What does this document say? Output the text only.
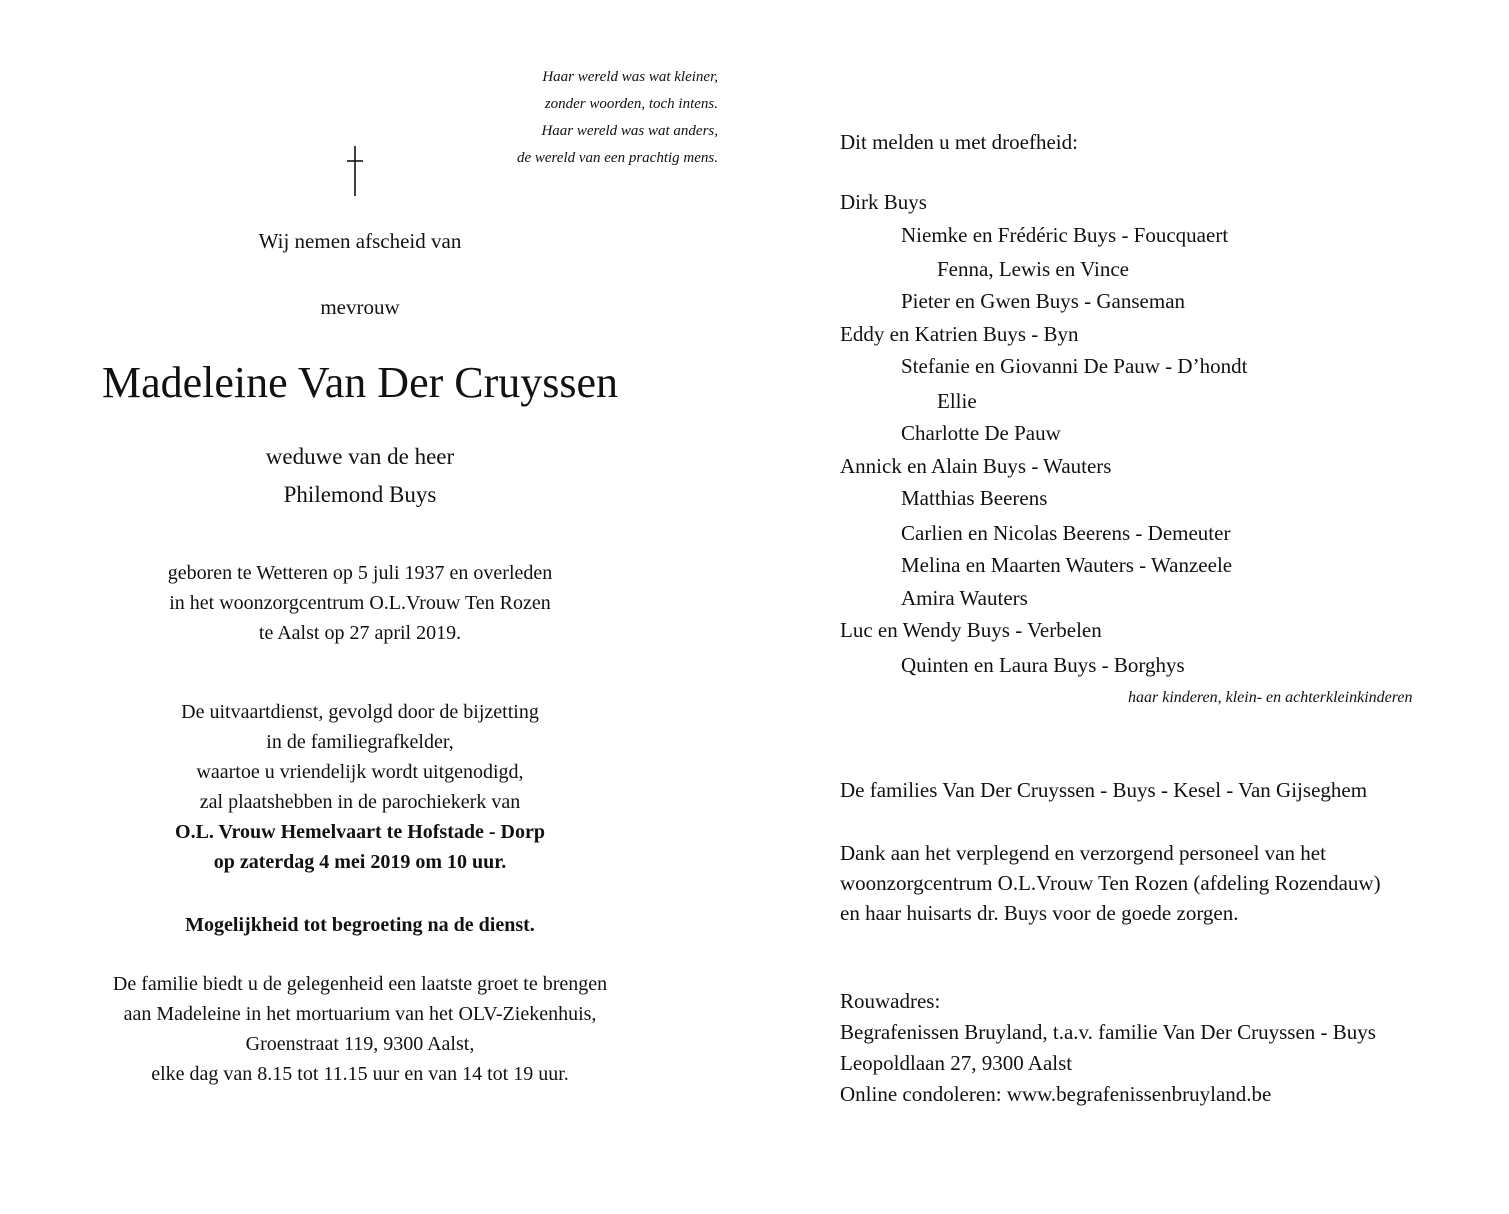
Haar wereld was wat kleiner,
zonder woorden, toch intens.
Haar wereld was wat anders,
de wereld van een prachtig mens.
Wij nemen afscheid van
mevrouw
Madeleine Van Der Cruyssen
weduwe van de heer
Philemond Buys
geboren te Wetteren op 5 juli 1937 en overleden
in het woonzorgcentrum O.L.Vrouw Ten Rozen
te Aalst op 27 april 2019.
De uitvaartdienst, gevolgd door de bijzetting
in de familiegrafkelder,
waartoe u vriendelijk wordt uitgenodigd,
zal plaatshebben in de parochiekerk van
O.L. Vrouw Hemelvaart te Hofstade - Dorp
op zaterdag 4 mei 2019 om 10 uur.
Mogelijkheid tot begroeting na de dienst.
De familie biedt u de gelegenheid een laatste groet te brengen
aan Madeleine in het mortuarium van het OLV-Ziekenhuis,
Groenstraat 119, 9300 Aalst,
elke dag van 8.15 tot 11.15 uur en van 14 tot 19 uur.
Dit melden u met droefheid:
Dirk Buys
Niemke en Frédéric Buys - Foucquaert
Fenna, Lewis en Vince
Pieter en Gwen Buys - Ganseman
Eddy en Katrien Buys - Byn
Stefanie en Giovanni De Pauw - D’hondt
Ellie
Charlotte De Pauw
Annick en Alain Buys - Wauters
Matthias Beerens
Carlien en Nicolas Beerens - Demeuter
Melina en Maarten Wauters - Wanzeele
Amira Wauters
Luc en Wendy Buys - Verbelen
Quinten en Laura Buys - Borghys
haar kinderen, klein- en achterkleinkinderen
De families Van Der Cruyssen - Buys - Kesel - Van Gijseghem
Dank aan het verplegend en verzorgend personeel van het
woonzorgcentrum O.L.Vrouw Ten Rozen (afdeling Rozendauw)
en haar huisarts dr. Buys voor de goede zorgen.
Rouwadres:
Begrafenissen Bruyland, t.a.v. familie Van Der Cruyssen - Buys
Leopoldlaan 27, 9300 Aalst
Online condoleren: www.begrafenissenbruyland.be
